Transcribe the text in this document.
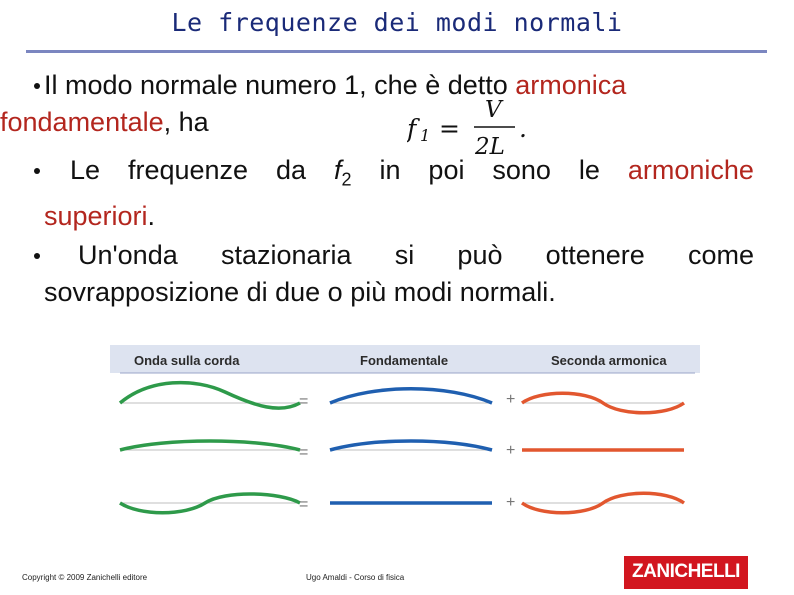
Le frequenze dei modi normali
Il modo normale numero 1, che è detto armonica
fondamentale, ha	f 1 =
V
2L
.
Le frequenze da $f_2$ in poi sono le armoniche
superiori.
Un'onda stazionaria si può ottenere come
sovrapposizione di due o più modi normali.
Onda sulla corda	Fondamentale	Seconda armonica
=	+
=	+
=	+
Copyright © 2009 Zanichelli editore	Ugo Amaldi - Corso di fisica	ZANICHELLI
